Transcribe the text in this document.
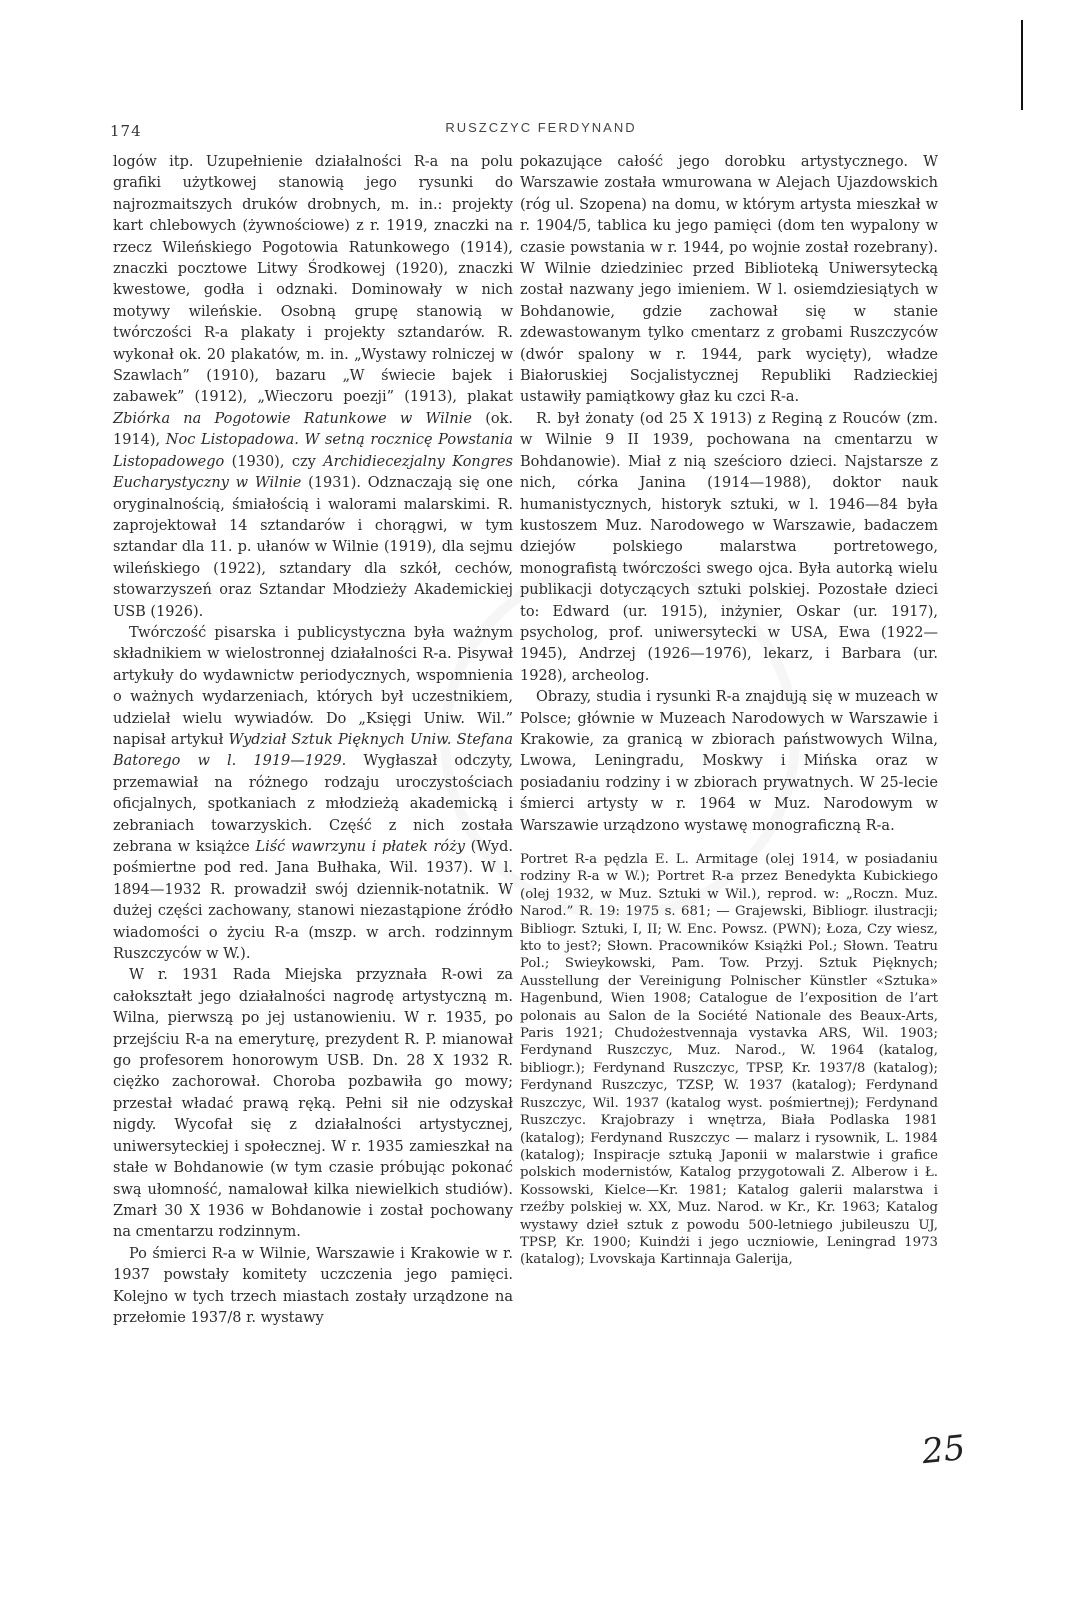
174	RUSZCZYC FERDYNAND

logów itp. Uzupełnienie działalności R-a na polu grafiki użytkowej stanowią jego rysunki do najrozmaitszych druków drobnych, m. in.: projekty kart chlebowych (żywnościowe) z r. 1919, znaczki na rzecz Wileńskiego Pogotowia Ratunkowego (1914), znaczki pocztowe Litwy Środkowej (1920), znaczki kwestowe, godła i odznaki. Dominowały w nich motywy wileńskie. Osobną grupę stanowią w twórczości R-a plakaty i projekty sztandarów. R. wykonał ok. 20 plakatów, m. in. „Wystawy rolniczej w Szawlach” (1910), bazaru „W świecie bajek i zabawek” (1912), „Wieczoru poezji” (1913), plakat Zbiórka na Pogotowie Ratunkowe w Wilnie (ok. 1914), Noc Listopadowa. W setną rocznicę Powstania Listopadowego (1930), czy Archidiecezjalny Kongres Eucharystyczny w Wilnie (1931). Odznaczają się one oryginalnością, śmiałością i walorami malarskimi. R. zaprojektował 14 sztandarów i chorągwi, w tym sztandar dla 11. p. ułanów w Wilnie (1919), dla sejmu wileńskiego (1922), sztandary dla szkół, cechów, stowarzyszeń oraz Sztandar Młodzieży Akademickiej USB (1926).

Twórczość pisarska i publicystyczna była ważnym składnikiem w wielostronnej działalności R-a. Pisywał artykuły do wydawnictw periodycznych, wspomnienia o ważnych wydarzeniach, których był uczestnikiem, udzielał wielu wywiadów. Do „Księgi Uniw. Wil.” napisał artykuł Wydział Sztuk Pięknych Uniw. Stefana Batorego w l. 1919—1929. Wygłaszał odczyty, przemawiał na różnego rodzaju uroczystościach oficjalnych, spotkaniach z młodzieżą akademicką i zebraniach towarzyskich. Część z nich została zebrana w książce Liść wawrzynu i płatek róży (Wyd. pośmiertne pod red. Jana Bułhaka, Wil. 1937). W l. 1894—1932 R. prowadził swój dziennik-notatnik. W dużej części zachowany, stanowi niezastąpione źródło wiadomości o życiu R-a (mszp. w arch. rodzinnym Ruszczyców w W.).

W r. 1931 Rada Miejska przyznała R-owi za całokształt jego działalności nagrodę artystyczną m. Wilna, pierwszą po jej ustanowieniu. W r. 1935, po przejściu R-a na emeryturę, prezydent R. P. mianował go profesorem honorowym USB. Dn. 28 X 1932 R. ciężko zachorował. Choroba pozbawiła go mowy; przestał władać prawą ręką. Pełni sił nie odzyskał nigdy. Wycofał się z działalności artystycznej, uniwersyteckiej i społecznej. W r. 1935 zamieszkał na stałe w Bohdanowie (w tym czasie próbując pokonać swą ułomność, namalował kilka niewielkich studiów). Zmarł 30 X 1936 w Bohdanowie i został pochowany na cmentarzu rodzinnym.

Po śmierci R-a w Wilnie, Warszawie i Krakowie w r. 1937 powstały komitety uczczenia jego pamięci. Kolejno w tych trzech miastach zostały urządzone na przełomie 1937/8 r. wystawy

pokazujące całość jego dorobku artystycznego. W Warszawie została wmurowana w Alejach Ujazdowskich (róg ul. Szopena) na domu, w którym artysta mieszkał w r. 1904/5, tablica ku jego pamięci (dom ten wypalony w czasie powstania w r. 1944, po wojnie został rozebrany). W Wilnie dziedziniec przed Biblioteką Uniwersytecką został nazwany jego imieniem. W l. osiemdziesiątych w Bohdanowie, gdzie zachował się w stanie zdewastowanym tylko cmentarz z grobami Ruszczyców (dwór spalony w r. 1944, park wycięty), władze Białoruskiej Socjalistycznej Republiki Radzieckiej ustawiły pamiątkowy głaz ku czci R-a.

R. był żonaty (od 25 X 1913) z Reginą z Rouców (zm. w Wilnie 9 II 1939, pochowana na cmentarzu w Bohdanowie). Miał z nią sześcioro dzieci. Najstarsze z nich, córka Janina (1914—1988), doktor nauk humanistycznych, historyk sztuki, w l. 1946—84 była kustoszem Muz. Narodowego w Warszawie, badaczem dziejów polskiego malarstwa portretowego, monografistą twórczości swego ojca. Była autorką wielu publikacji dotyczących sztuki polskiej. Pozostałe dzieci to: Edward (ur. 1915), inżynier, Oskar (ur. 1917), psycholog, prof. uniwersytecki w USA, Ewa (1922—1945), Andrzej (1926—1976), lekarz, i Barbara (ur. 1928), archeolog.

Obrazy, studia i rysunki R-a znajdują się w muzeach w Polsce; głównie w Muzeach Narodowych w Warszawie i Krakowie, za granicą w zbiorach państwowych Wilna, Lwowa, Leningradu, Moskwy i Mińska oraz w posiadaniu rodziny i w zbiorach prywatnych. W 25-lecie śmierci artysty w r. 1964 w Muz. Narodowym w Warszawie urządzono wystawę monograficzną R-a.

Portret R-a pędzla E. L. Armitage (olej 1914, w posiadaniu rodziny R-a w W.); Portret R-a przez Benedykta Kubickiego (olej 1932, w Muz. Sztuki w Wil.), reprod. w: „Roczn. Muz. Narod.” R. 19: 1975 s. 681; — Grajewski, Bibliogr. ilustracji; Bibliogr. Sztuki, I, II; W. Enc. Powsz. (PWN); Łoza, Czy wiesz, kto to jest?; Słown. Pracowników Książki Pol.; Słown. Teatru Pol.; Swieykowski, Pam. Tow. Przyj. Sztuk Pięknych; Ausstellung der Vereinigung Polnischer Künstler «Sztuka» Hagenbund, Wien 1908; Catalogue de l’exposition de l’art polonais au Salon de la Société Nationale des Beaux-Arts, Paris 1921; Chudożestvennaja vystavka ARS, Wil. 1903; Ferdynand Ruszczyc, Muz. Narod., W. 1964 (katalog, bibliogr.); Ferdynand Ruszczyc, TPSP, Kr. 1937/8 (katalog); Ferdynand Ruszczyc, TZSP, W. 1937 (katalog); Ferdynand Ruszczyc, Wil. 1937 (katalog wyst. pośmiertnej); Ferdynand Ruszczyc. Krajobrazy i wnętrza, Biała Podlaska 1981 (katalog); Ferdynand Ruszczyc — malarz i rysownik, L. 1984 (katalog); Inspiracje sztuką Japonii w malarstwie i grafice polskich modernistów, Katalog przygotowali Z. Alberow i Ł. Kossowski, Kielce—Kr. 1981; Katalog galerii malarstwa i rzeźby polskiej w. XX, Muz. Narod. w Kr., Kr. 1963; Katalog wystawy dzieł sztuk z powodu 500-letniego jubileuszu UJ, TPSP, Kr. 1900; Kuindżi i jego uczniowie, Leningrad 1973 (katalog); Lvovskaja Kartinnaja Galerija,

25
